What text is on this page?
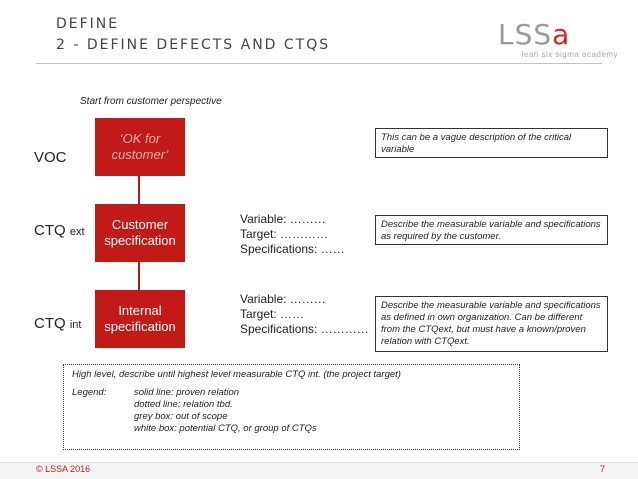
DEFINE
2 - DEFINE DEFECTS AND CTQS	LSSa
lean six sigma academy
Start from customer perspective
VOC
CTQ ext
CTQ int
‘OK for
customer’
Customer
specification
Internal
specification
Variable: ………
Target: …………
Specifications: ……
Variable: ………
Target: ……
Specifications: …………
This can be a vague description of the critical variable
Describe the measurable variable and specifications as required by the customer.
Describe the measurable variable and specifications as defined in own organization. Can be different from the CTQext, but must have a known/proven relation with CTQext.
High level, describe until highest level measurable CTQ int. (the project target)
Legend:	solid line: proven relation
dotted line: relation tbd.
grey box: out of scope
white box: potential CTQ, or group of CTQs
© LSSA 2016	7
